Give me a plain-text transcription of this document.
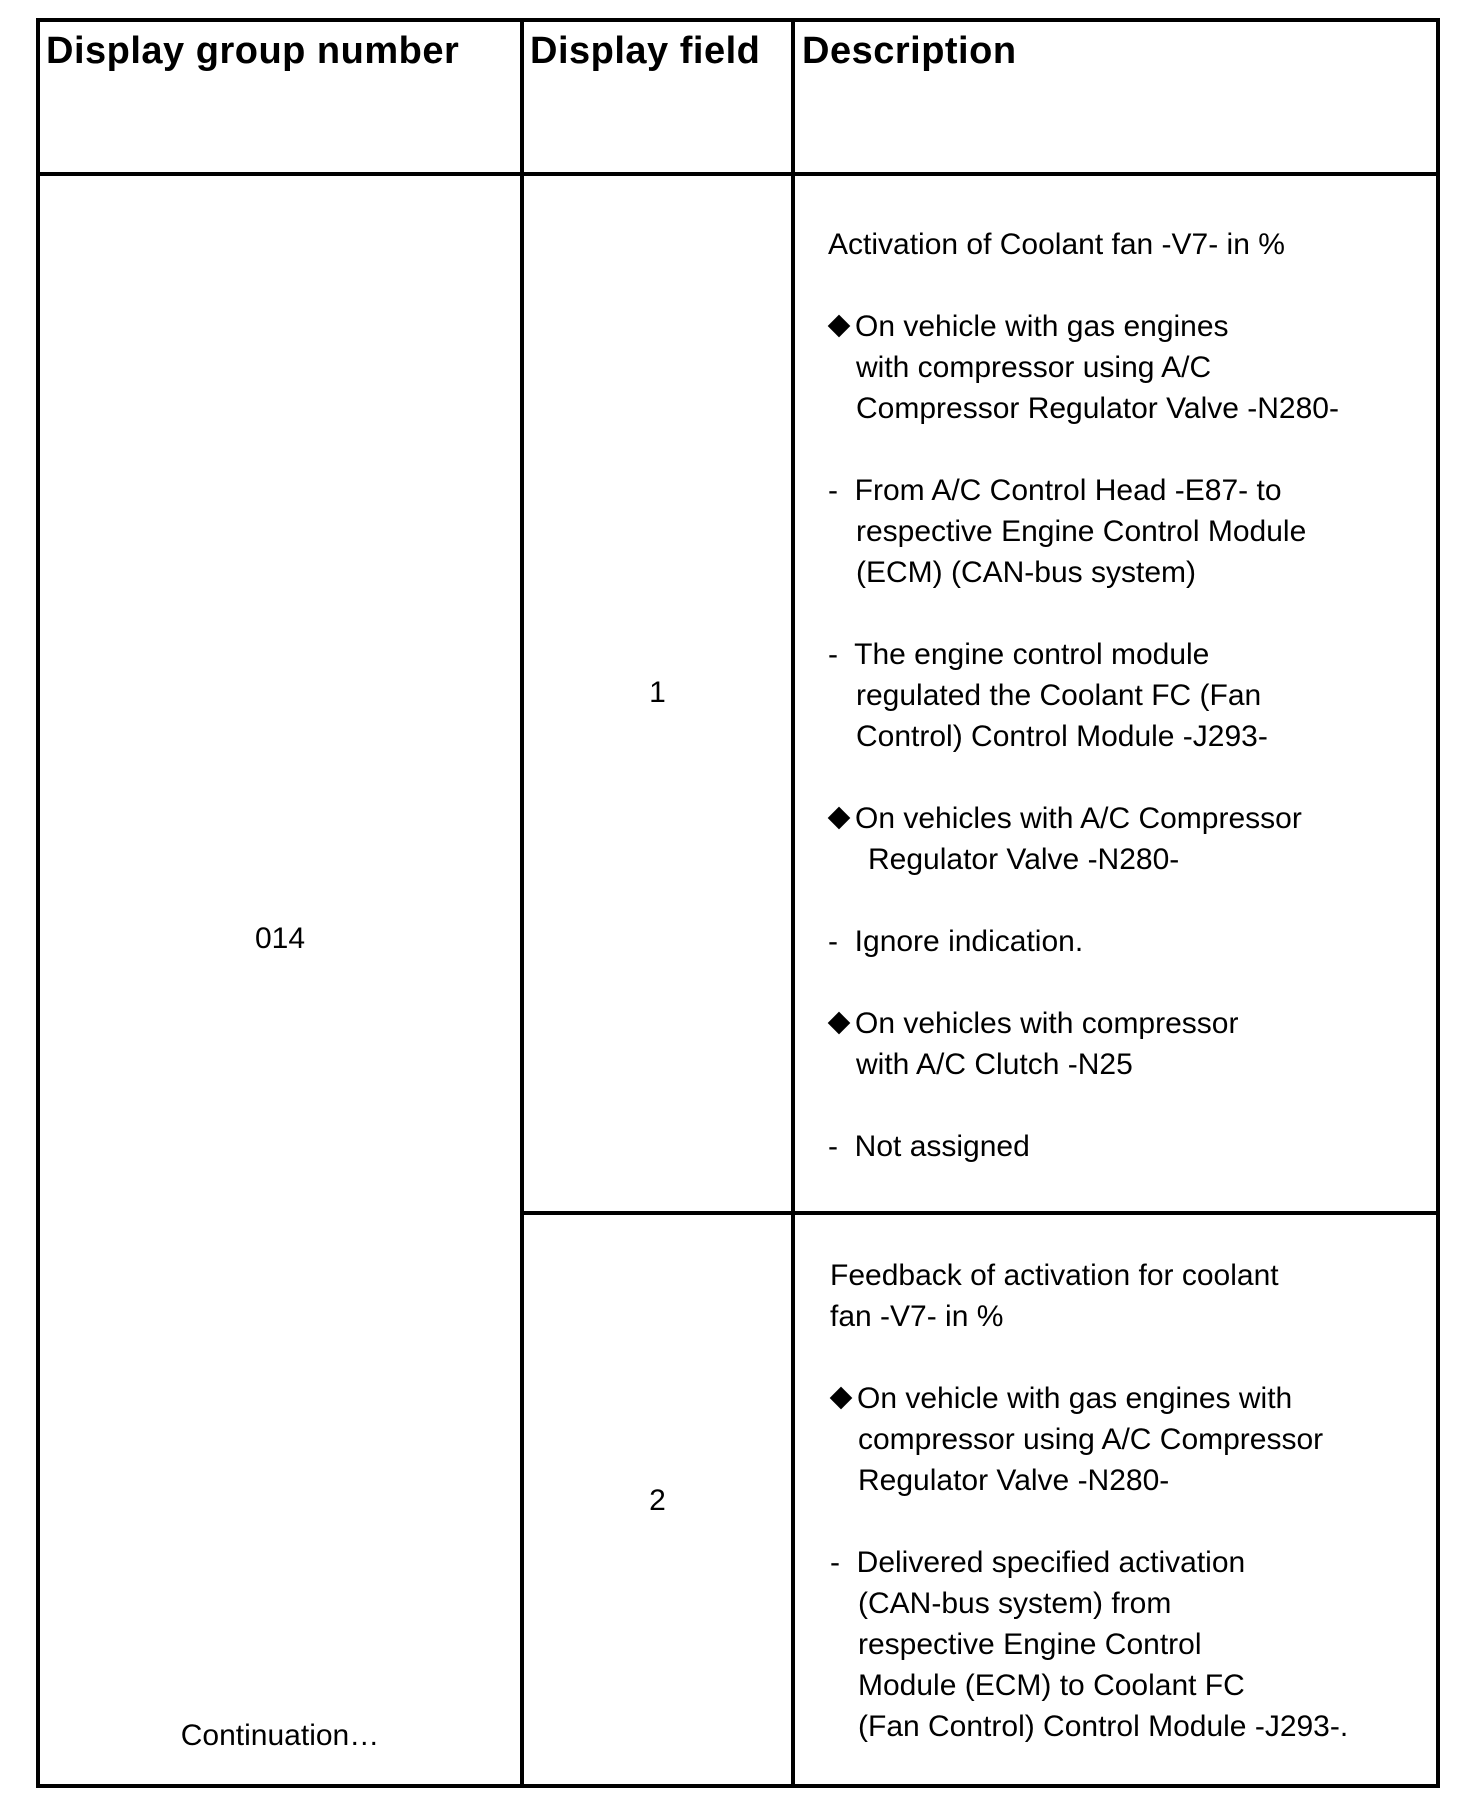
Display group number Display field Description
014
Continuation…
1
2
Activation of Coolant fan -V7- in %
On vehicle with gas engines
with compressor using A/C
Compressor Regulator Valve -N280-
-  From A/C Control Head -E87- to
respective Engine Control Module
(ECM) (CAN-bus system)
-  The engine control module
regulated the Coolant FC (Fan
Control) Control Module -J293-
On vehicles with A/C Compressor
Regulator Valve -N280-
-  Ignore indication.
On vehicles with compressor
with A/C Clutch -N25
-  Not assigned
Feedback of activation for coolant
fan -V7- in %
On vehicle with gas engines with
compressor using A/C Compressor
Regulator Valve -N280-
-  Delivered specified activation
(CAN-bus system) from
respective Engine Control
Module (ECM) to Coolant FC
(Fan Control) Control Module -J293-.
